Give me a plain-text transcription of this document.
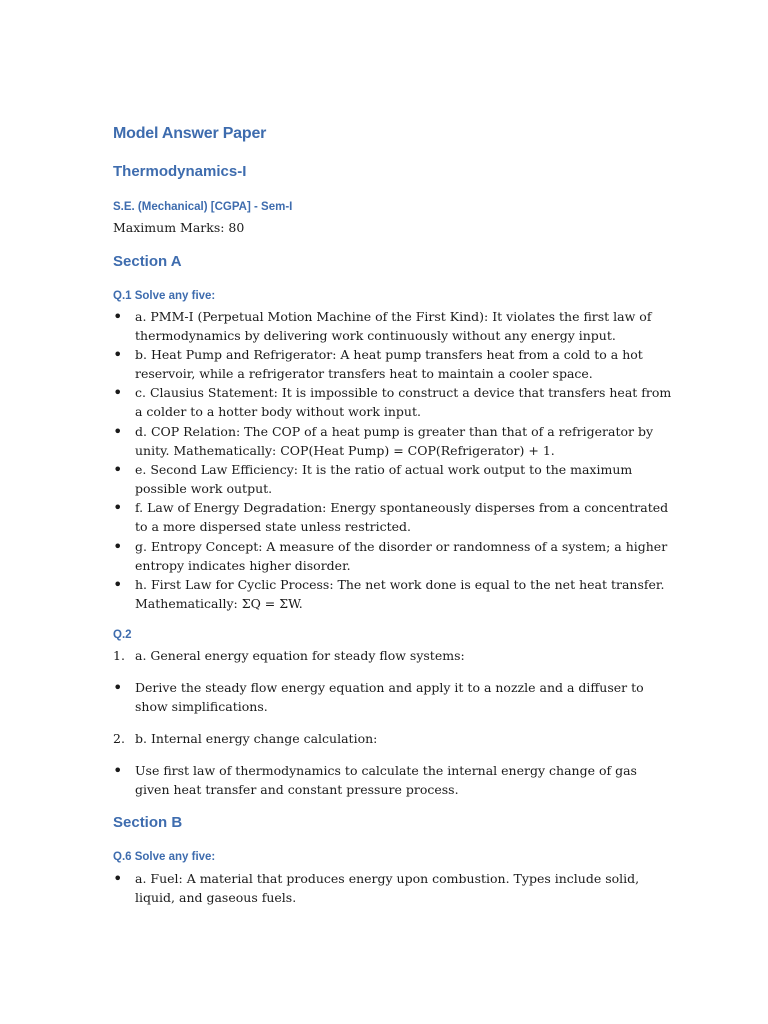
Model Answer Paper
Thermodynamics-I
S.E. (Mechanical) [CGPA] - Sem-I
Maximum Marks: 80
Section A
Q.1 Solve any five:
•	a. PMM-I (Perpetual Motion Machine of the First Kind): It violates the first law of thermodynamics by delivering work continuously without any energy input.
•	b. Heat Pump and Refrigerator: A heat pump transfers heat from a cold to a hot reservoir, while a refrigerator transfers heat to maintain a cooler space.
•	c. Clausius Statement: It is impossible to construct a device that transfers heat from a colder to a hotter body without work input.
•	d. COP Relation: The COP of a heat pump is greater than that of a refrigerator by unity. Mathematically: COP(Heat Pump) = COP(Refrigerator) + 1.
•	e. Second Law Efficiency: It is the ratio of actual work output to the maximum possible work output.
•	f. Law of Energy Degradation: Energy spontaneously disperses from a concentrated to a more dispersed state unless restricted.
•	g. Entropy Concept: A measure of the disorder or randomness of a system; a higher entropy indicates higher disorder.
•	h. First Law for Cyclic Process: The net work done is equal to the net heat transfer. Mathematically: ΣQ = ΣW.
Q.2
1. a. General energy equation for steady flow systems:
•	Derive the steady flow energy equation and apply it to a nozzle and a diffuser to show simplifications.
2. b. Internal energy change calculation:
•	Use first law of thermodynamics to calculate the internal energy change of gas given heat transfer and constant pressure process.
Section B
Q.6 Solve any five:
•	a. Fuel: A material that produces energy upon combustion. Types include solid, liquid, and gaseous fuels.
